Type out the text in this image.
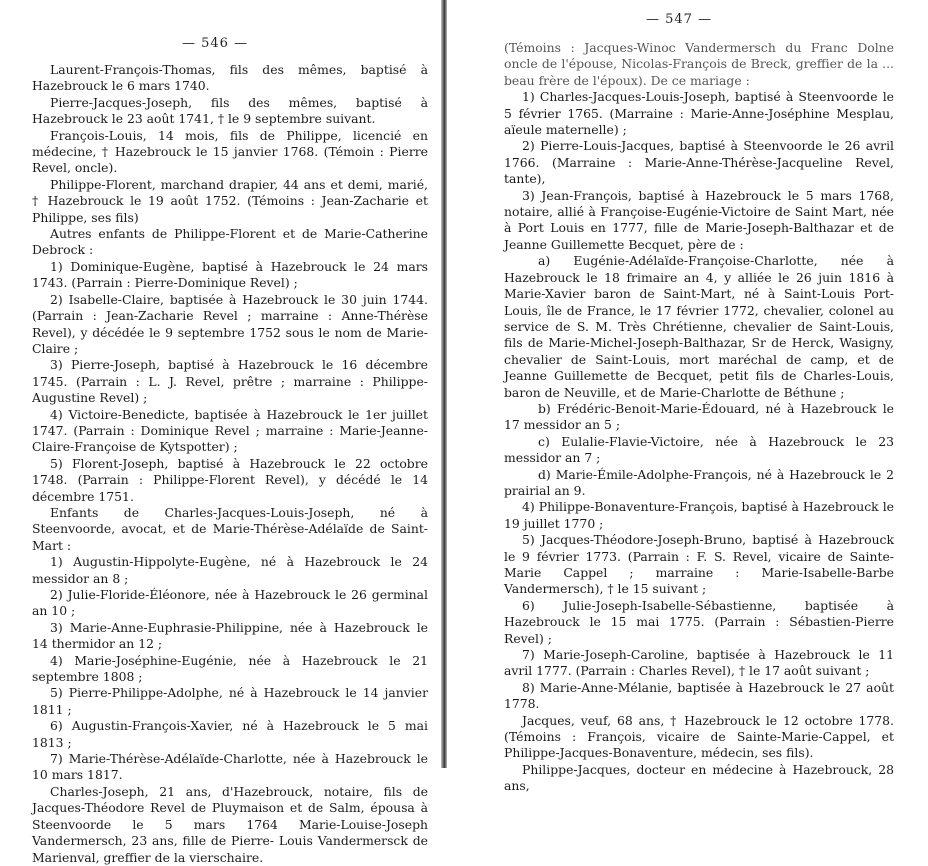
— 546 —

Laurent-François-Thomas, fils des mêmes, baptisé à Hazebrouck le 6 mars 1740.

Pierre-Jacques-Joseph, fils des mêmes, baptisé à Hazebrouck le 23 août 1741, † le 9 septembre suivant.

François-Louis, 14 mois, fils de Philippe, licencié en médecine, † Hazebrouck le 15 janvier 1768. (Témoin : Pierre Revel, oncle).

Philippe-Florent, marchand drapier, 44 ans et demi, marié, † Hazebrouck le 19 août 1752. (Témoins : Jean-Zacharie et Philippe, ses fils)

Autres enfants de Philippe-Florent et de Marie-Catherine Debrock :

1) Dominique-Eugène, baptisé à Hazebrouck le 24 mars 1743. (Parrain : Pierre-Dominique Revel) ;

2) Isabelle-Claire, baptisée à Hazebrouck le 30 juin 1744. (Parrain : Jean-Zacharie Revel ; marraine : Anne-Thérèse Revel), y décédée le 9 septembre 1752 sous le nom de Marie-Claire ;

3) Pierre-Joseph, baptisé à Hazebrouck le 16 décembre 1745. (Parrain : L. J. Revel, prêtre ; marraine : Philippe-Augustine Revel) ;

4) Victoire-Benedicte, baptisée à Hazebrouck le 1er juillet 1747. (Parrain : Dominique Revel ; marraine : Marie-Jeanne-Claire-Françoise de Kytspotter) ;

5) Florent-Joseph, baptisé à Hazebrouck le 22 octobre 1748. (Parrain : Philippe-Florent Revel), y décédé le 14 décembre 1751.

Enfants de Charles-Jacques-Louis-Joseph, né à Steenvoorde, avocat, et de Marie-Thérèse-Adélaïde de Saint-Mart :

1) Augustin-Hippolyte-Eugène, né à Hazebrouck le 24 messidor an 8 ;

2) Julie-Floride-Éléonore, née à Hazebrouck le 26 germinal an 10 ;

3) Marie-Anne-Euphrasie-Philippine, née à Hazebrouck le 14 thermidor an 12 ;

4) Marie-Joséphine-Eugénie, née à Hazebrouck le 21 septembre 1808 ;

5) Pierre-Philippe-Adolphe, né à Hazebrouck le 14 janvier 1811 ;

6) Augustin-François-Xavier, né à Hazebrouck le 5 mai 1813 ;

7) Marie-Thérèse-Adélaïde-Charlotte, née à Hazebrouck le 10 mars 1817.

Charles-Joseph, 21 ans, d'Hazebrouck, notaire, fils de Jacques-Théodore Revel de Pluymaison et de Salm, épousa à Steenvoorde le 5 mars 1764 Marie-Louise-Joseph Vandermersch, 23 ans, fille de Pierre- Louis Vandermersck de Marienval, greffier de la vierschaire.

— 547 —

(Témoins : Jacques-Winoc Vandermersch du Franc Dolne oncle de l'épouse, Nicolas-François de Breck, greffier de la ... beau frère de l'époux). De ce mariage :

1) Charles-Jacques-Louis-Joseph, baptisé à Steenvoorde le 5 février 1765. (Marraine : Marie-Anne-Joséphine Mesplau, aïeule maternelle) ;

2) Pierre-Louis-Jacques, baptisé à Steenvoorde le 26 avril 1766. (Marraine : Marie-Anne-Thérèse-Jacqueline Revel, tante),

3) Jean-François, baptisé à Hazebrouck le 5 mars 1768, notaire, allié à Françoise-Eugénie-Victoire de Saint Mart, née à Port Louis en 1777, fille de Marie-Joseph-Balthazar et de Jeanne Guillemette Becquet, père de :

a) Eugénie-Adélaïde-Françoise-Charlotte, née à Hazebrouck le 18 frimaire an 4, y alliée le 26 juin 1816 à Marie-Xavier baron de Saint-Mart, né à Saint-Louis Port-Louis, île de France, le 17 février 1772, chevalier, colonel au service de S. M. Très Chrétienne, chevalier de Saint-Louis, fils de Marie-Michel-Joseph-Balthazar, Sr de Herck, Wasigny, chevalier de Saint-Louis, mort maréchal de camp, et de Jeanne Guillemette de Becquet, petit fils de Charles-Louis, baron de Neuville, et de Marie-Charlotte de Béthune ;

b) Frédéric-Benoit-Marie-Édouard, né à Hazebrouck le 17 messidor an 5 ;

c) Eulalie-Flavie-Victoire, née à Hazebrouck le 23 messidor an 7 ;

d) Marie-Émile-Adolphe-François, né à Hazebrouck le 2 prairial an 9.

4) Philippe-Bonaventure-François, baptisé à Hazebrouck le 19 juillet 1770 ;

5) Jacques-Théodore-Joseph-Bruno, baptisé à Hazebrouck le 9 février 1773. (Parrain : F. S. Revel, vicaire de Sainte-Marie Cappel ; marraine : Marie-Isabelle-Barbe Vandermersch), † le 15 suivant ;

6) Julie-Joseph-Isabelle-Sébastienne, baptisée à Hazebrouck le 15 mai 1775. (Parrain : Sébastien-Pierre Revel) ;

7) Marie-Joseph-Caroline, baptisée à Hazebrouck le 11 avril 1777. (Parrain : Charles Revel), † le 17 août suivant ;

8) Marie-Anne-Mélanie, baptisée à Hazebrouck le 27 août 1778.

Jacques, veuf, 68 ans, † Hazebrouck le 12 octobre 1778. (Témoins : François, vicaire de Sainte-Marie-Cappel, et Philippe-Jacques-Bonaventure, médecin, ses fils).

Philippe-Jacques, docteur en médecine à Hazebrouck, 28 ans,
